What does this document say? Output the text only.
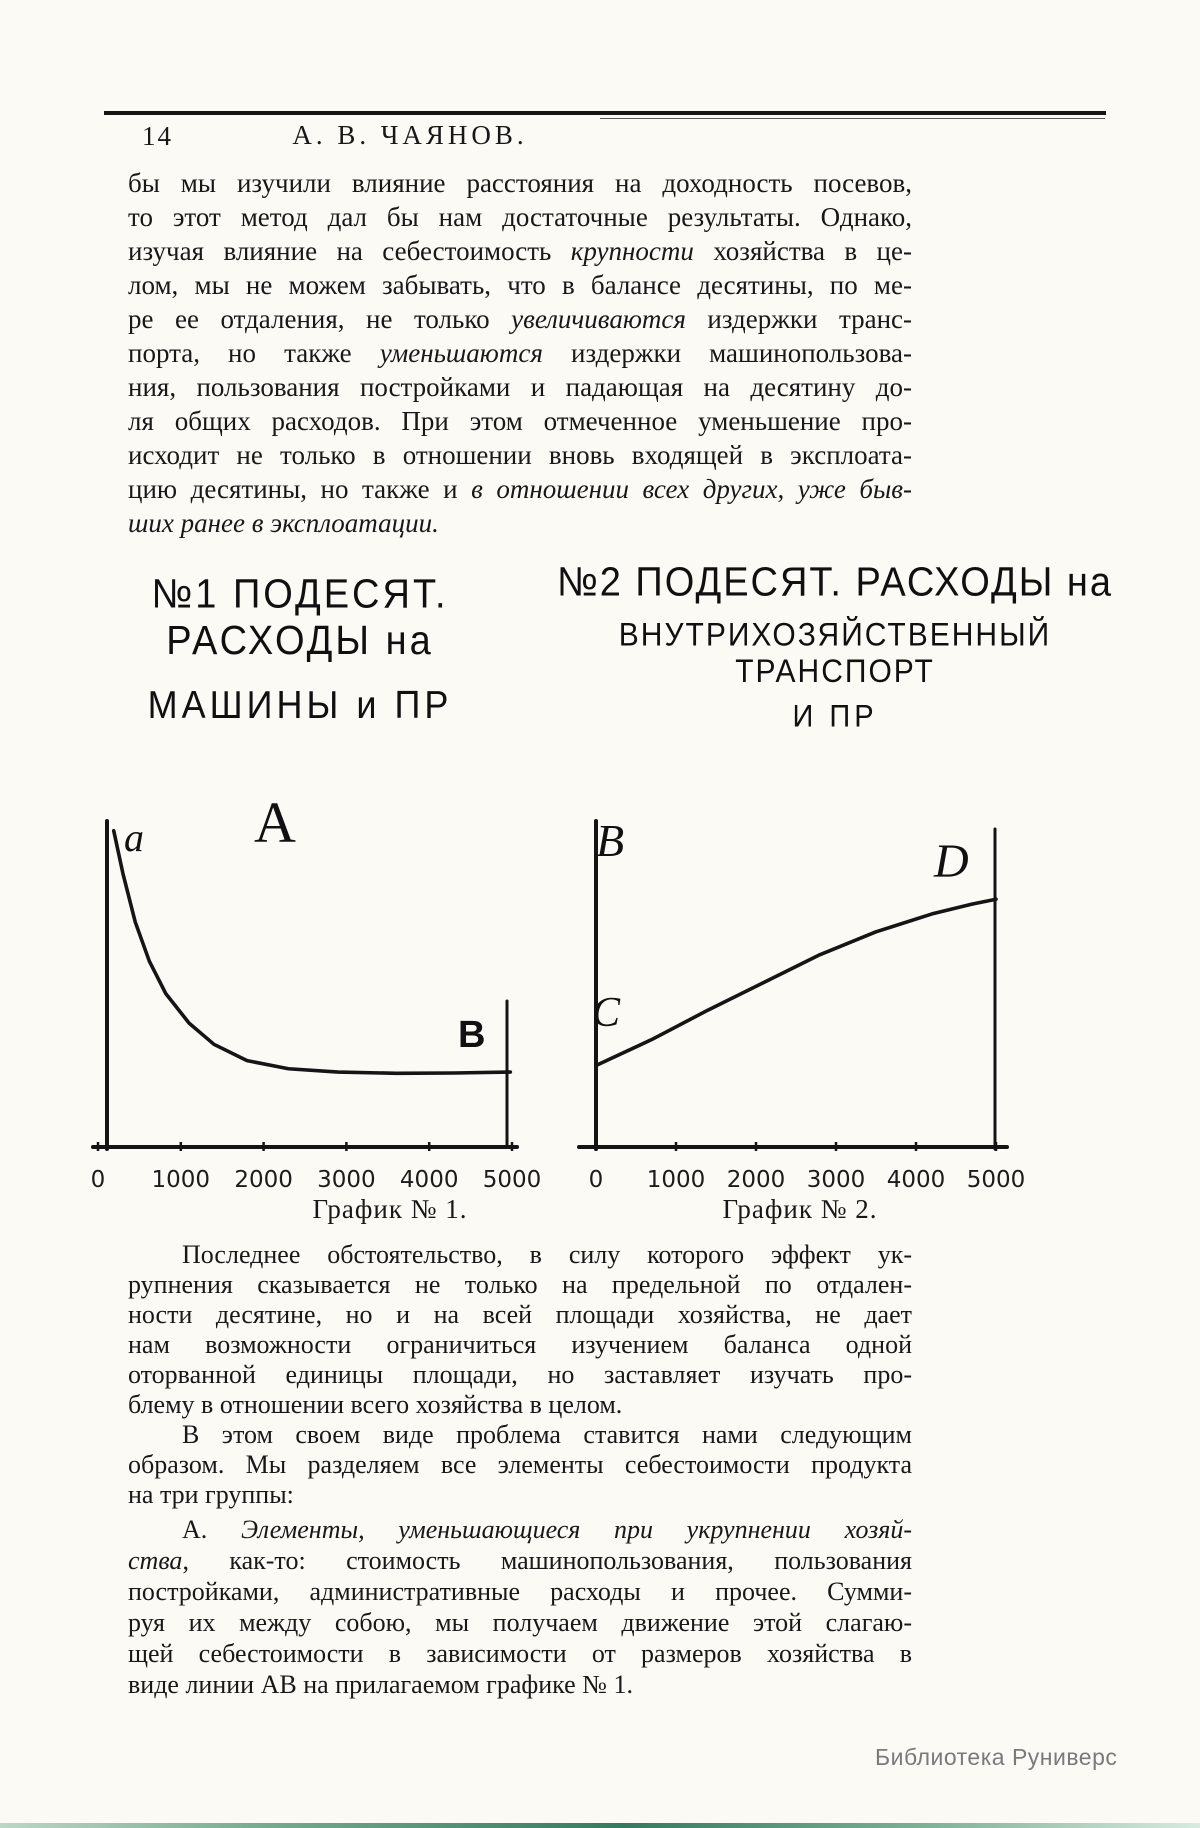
14	А. В. ЧАЯНОВ.
бы мы изучили влияние расстояния на доходность посевов,
то этот метод дал бы нам достаточные результаты. Однако,
изучая влияние на себестоимость крупности хозяйства в це-
лом, мы не можем забывать, что в балансе десятины, по ме-
ре ее отдаления, не только увеличиваются издержки транс-
порта, но также уменьшаются издержки машинопользова-
ния, пользования постройками и падающая на десятину до-
ля общих расходов. При этом отмеченное уменьшение про-
исходит не только в отношении вновь входящей в эксплоата-
цию десятины, но также и в отношении всех других, уже быв-
ших ранее в эксплоатации.
№1 ПОДЕСЯТ. РАСХОДЫ на
МАШИНЫ и ПР
№2 ПОДЕСЯТ. РАСХОДЫ на
ВНУТРИХОЗЯЙСТВЕННЫЙ ТРАНСПОРТ
И ПР
0 1000 2000 3000 4000 5000 0 1000 2000 3000 4000 5000
а А
В
В	D
С
График № 1.	График № 2.
Последнее обстоятельство, в силу которого эффект ук-
рупнения сказывается не только на предельной по отдален-
ности десятине, но и на всей площади хозяйства, не дает
нам возможности ограничиться изучением баланса одной
оторванной единицы площади, но заставляет изучать про-
блему в отношении всего хозяйства в целом.
В этом своем виде проблема ставится нами следующим
образом. Мы разделяем все элементы себестоимости продукта
на три группы:
А. Элементы, уменьшающиеся при укрупнении хозяй-
ства, как-то: стоимость машинопользования, пользования
постройками, административные расходы и прочее. Сумми-
руя их между собою, мы получаем движение этой слагаю-
щей себестоимости в зависимости от размеров хозяйства в
виде линии АВ на прилагаемом графике № 1.
Библиотека Руниверс
